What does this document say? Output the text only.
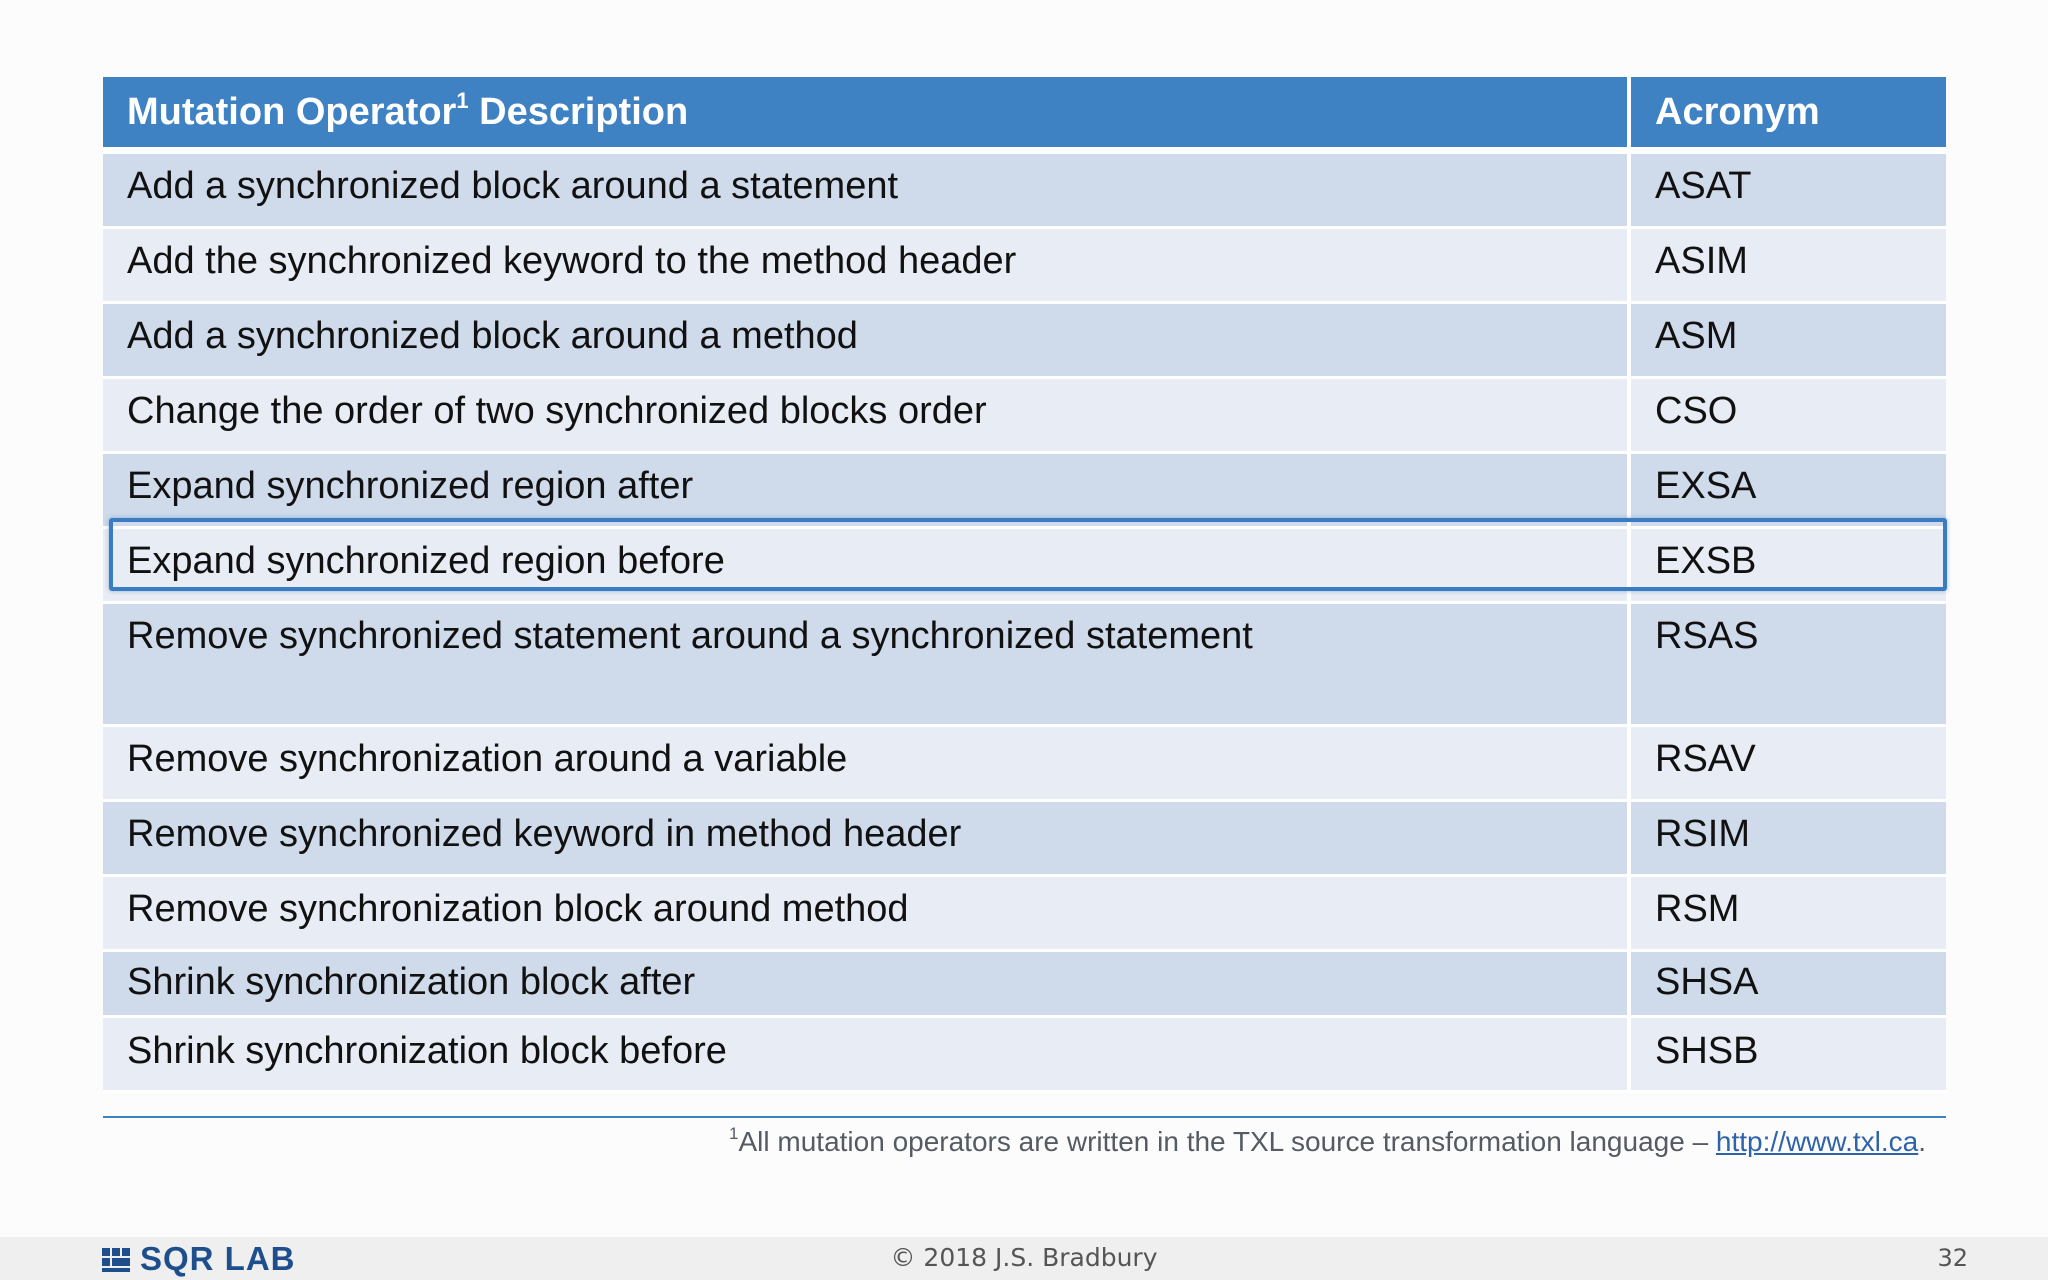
Mutation Operator$^1$ Description	Acronym
Add a synchronized block around a statement	ASAT
Add the synchronized keyword to the method header	ASIM
Add a synchronized block around a method	ASM
Change the order of two synchronized blocks order	CSO
Expand synchronized region after	EXSA
Expand synchronized region before	EXSB
Remove synchronized statement around a synchronized statement	RSAS
Remove synchronization around a variable	RSAV
Remove synchronized keyword in method header	RSIM
Remove synchronization block around method	RSM
Shrink synchronization block after	SHSA
Shrink synchronization block before	SHSB
$^1$All mutation operators are written in the TXL source transformation language – http://www.txl.ca.
SQR LAB	© 2018 J.S. Bradbury	32
